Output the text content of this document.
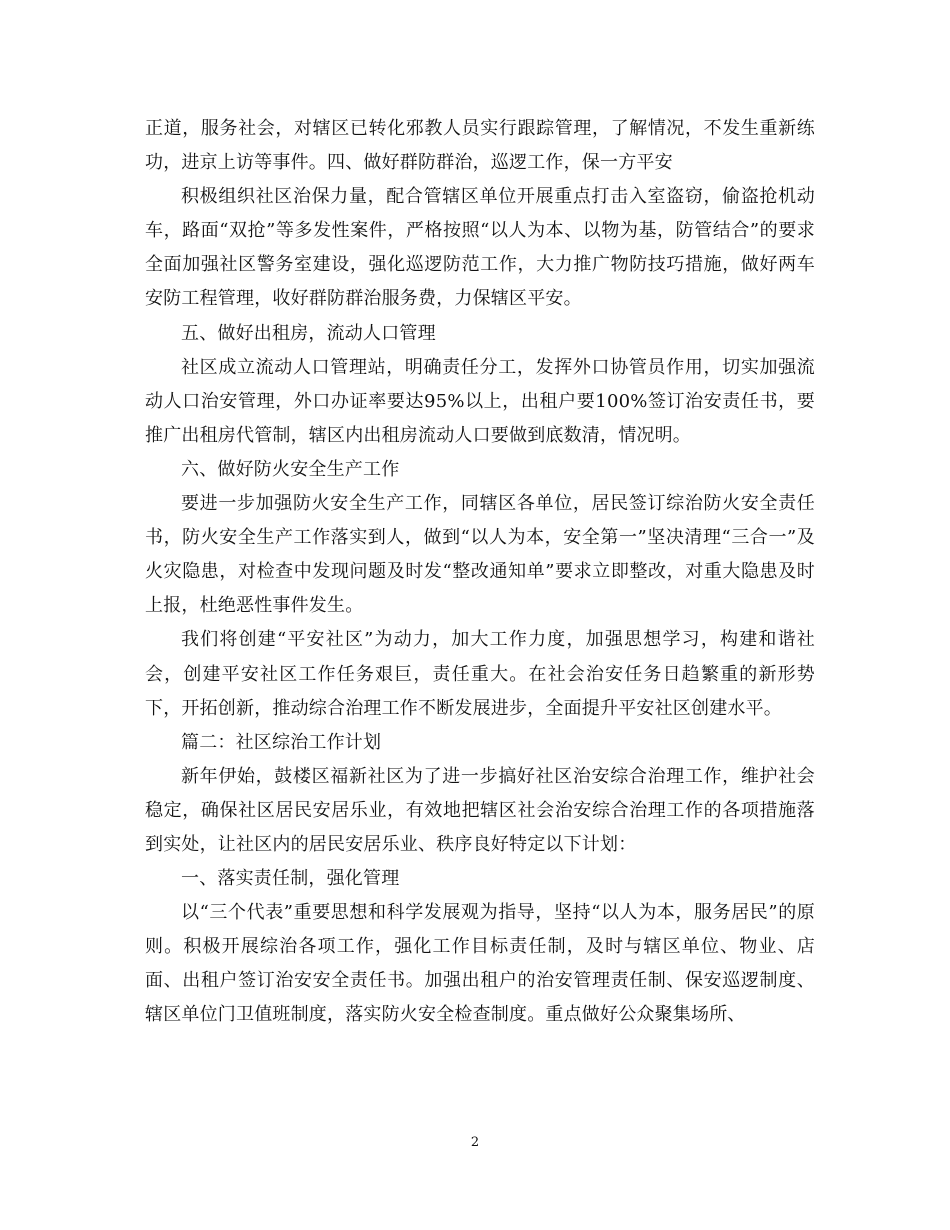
正道，服务社会，对辖区已转化邪教人员实行跟踪管理，了解情况，不发生重新练功，进京上访等事件。四、做好群防群治，巡逻工作，保一方平安

积极组织社区治保力量，配合管辖区单位开展重点打击入室盗窃，偷盗抢机动车，路面“双抢”等多发性案件，严格按照“以人为本、以物为基，防管结合”的要求全面加强社区警务室建设，强化巡逻防范工作，大力推广物防技巧措施，做好两车安防工程管理，收好群防群治服务费，力保辖区平安。

五、做好出租房，流动人口管理

社区成立流动人口管理站，明确责任分工，发挥外口协管员作用，切实加强流动人口治安管理，外口办证率要达95%以上，出租户要100%签订治安责任书，要推广出租房代管制，辖区内出租房流动人口要做到底数清，情况明。

六、做好防火安全生产工作

要进一步加强防火安全生产工作，同辖区各单位，居民签订综治防火安全责任书，防火安全生产工作落实到人，做到“以人为本，安全第一”坚决清理“三合一”及火灾隐患，对检查中发现问题及时发“整改通知单”要求立即整改，对重大隐患及时上报，杜绝恶性事件发生。

我们将创建“平安社区”为动力，加大工作力度，加强思想学习，构建和谐社会，创建平安社区工作任务艰巨，责任重大。在社会治安任务日趋繁重的新形势下，开拓创新，推动综合治理工作不断发展进步，全面提升平安社区创建水平。

篇二：社区综治工作计划

新年伊始，鼓楼区福新社区为了进一步搞好社区治安综合治理工作，维护社会稳定，确保社区居民安居乐业，有效地把辖区社会治安综合治理工作的各项措施落到实处，让社区内的居民安居乐业、秩序良好特定以下计划：

一、落实责任制，强化管理

以“三个代表”重要思想和科学发展观为指导，坚持“以人为本，服务居民”的原则。积极开展综治各项工作，强化工作目标责任制，及时与辖区单位、物业、店面、出租户签订治安安全责任书。加强出租户的治安管理责任制、保安巡逻制度、辖区单位门卫值班制度，落实防火安全检查制度。重点做好公众聚集场所、

2
